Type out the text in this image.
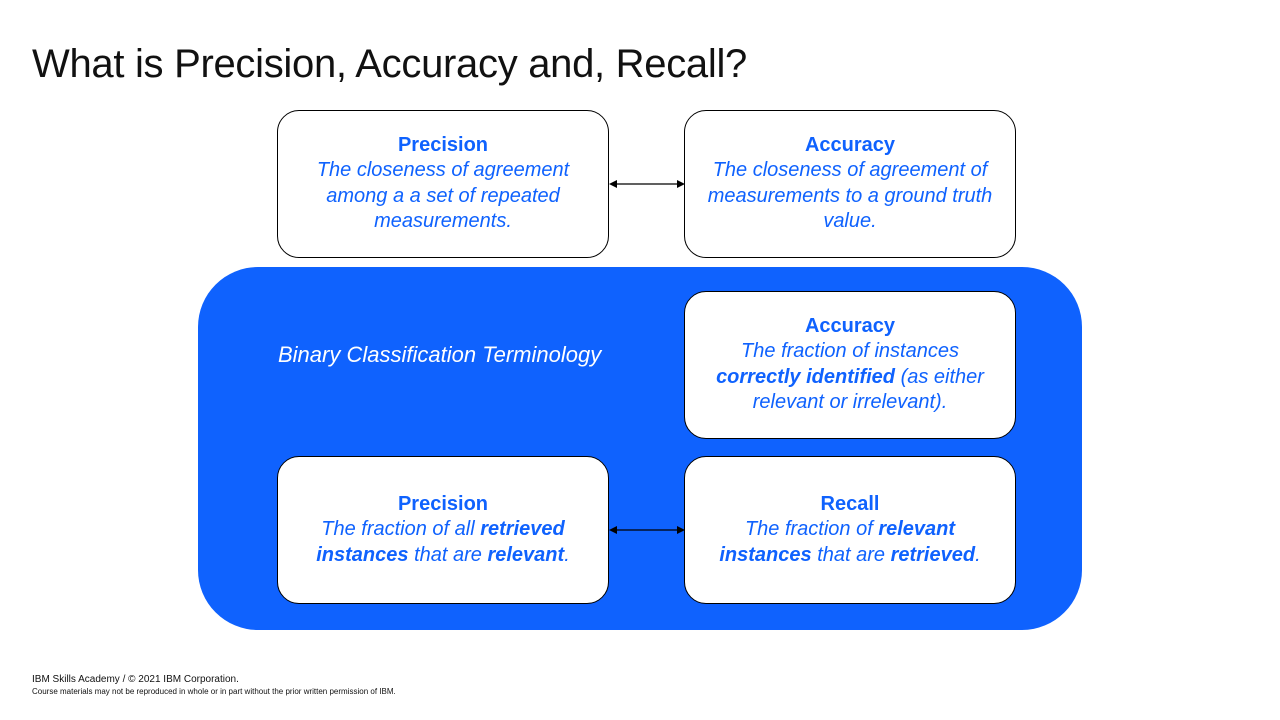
What is Precision, Accuracy and, Recall?
Precision
The closeness of agreement among a a set of repeated measurements.
Accuracy
The closeness of agreement of measurements to a ground truth value.
Binary Classification Terminology
Accuracy
The fraction of instances
correctly identified (as either relevant or irrelevant).
Precision
The fraction of all retrieved instances that are relevant.
Recall
The fraction of relevant instances that are retrieved.
IBM Skills Academy / © 2021 IBM Corporation.
Course materials may not be reproduced in whole or in part without the prior written permission of IBM.
